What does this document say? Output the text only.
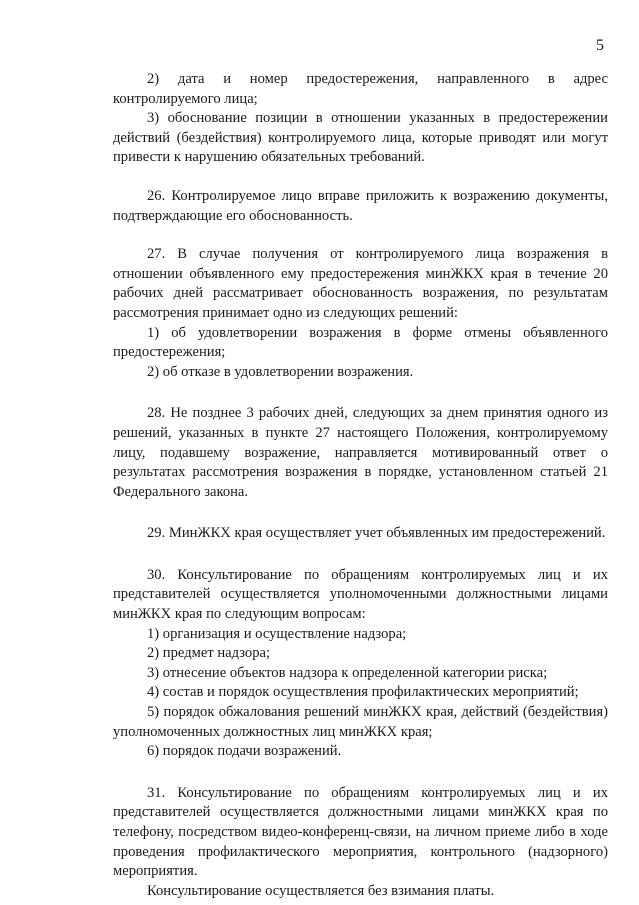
5

2) дата и номер предостережения, направленного в адрес контролируемого лица;

3) обоснование позиции в отношении указанных в предостережении действий (бездействия) контролируемого лица, которые приводят или могут привести к нарушению обязательных требований.

26. Контролируемое лицо вправе приложить к возражению документы, подтверждающие его обоснованность.

27. В случае получения от контролируемого лица возражения в отношении объявленного ему предостережения минЖКХ края в течение 20 рабочих дней рассматривает обоснованность возражения, по результатам рассмотрения принимает одно из следующих решений:

1) об удовлетворении возражения в форме отмены объявленного предостережения;

2) об отказе в удовлетворении возражения.

28. Не позднее 3 рабочих дней, следующих за днем принятия одного из решений, указанных в пункте 27 настоящего Положения, контролируемому лицу, подавшему возражение, направляется мотивированный ответ о результатах рассмотрения возражения в порядке, установленном статьей 21 Федерального закона.

29. МинЖКХ края осуществляет учет объявленных им предостережений.

30. Консультирование по обращениям контролируемых лиц и их представителей осуществляется уполномоченными должностными лицами минЖКХ края по следующим вопросам:

1) организация и осуществление надзора;

2) предмет надзора;

3) отнесение объектов надзора к определенной категории риска;

4) состав и порядок осуществления профилактических мероприятий;

5) порядок обжалования решений минЖКХ края, действий (бездействия) уполномоченных должностных лиц минЖКХ края;

6) порядок подачи возражений.

31. Консультирование по обращениям контролируемых лиц и их представителей осуществляется должностными лицами минЖКХ края по телефону, посредством видео-конференц-связи, на личном приеме либо в ходе проведения профилактического мероприятия, контрольного (надзорного) мероприятия.

Консультирование осуществляется без взимания платы.
